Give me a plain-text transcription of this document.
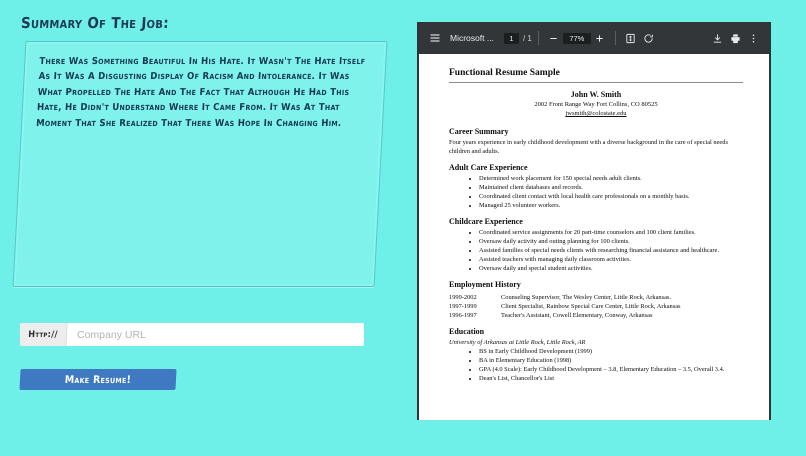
Summary Of The Job:
There was something beautiful in his hate. It wasn't the hate itself as it was a disgusting display of racism and intolerance. It was what propelled the hate and the fact that although he had this hate, he didn't understand where it came from. It was at that moment that she realized that there was hope in changing him.
Http://
Company URL
Make Resume!
Microsoft ...
1	/ 1	77%
Functional Resume Sample
John W. Smith
2002 Front Range Way Fort Collins, CO 80525
jwsmith@colostate.edu
Career Summary

Four years experience in early childhood development with a diverse background in the care of special needs children and adults.

Adult Care Experience
• Determined work placement for 150 special needs adult clients.
• Maintained client databases and records.
• Coordinated client contact with local health care professionals on a monthly basis.
• Managed 25 volunteer workers.
Childcare Experience
• Coordinated service assignments for 20 part-time counselors and 100 client families.
• Oversaw daily activity and outing planning for 100 clients.
• Assisted families of special needs clients with researching financial assistance and healthcare.
• Assisted teachers with managing daily classroom activities.
• Oversaw daily and special student activities.
Employment History
1999-2002	Counseling Supervisor, The Wesley Center, Little Rock, Arkansas.
1997-1999	Client Specialist, Rainbow Special Care Center, Little Rock, Arkansas
1996-1997	Teacher's Assistant, Cowell Elementary, Conway, Arkansas
Education

University of Arkansas at Little Rock, Little Rock, AR

• BS in Early Childhood Development (1999)
• BA in Elementary Education (1998)
• GPA (4.0 Scale): Early Childhood Development – 3.8, Elementary Education – 3.5, Overall 3.4.
• Dean's List, Chancellor's List
